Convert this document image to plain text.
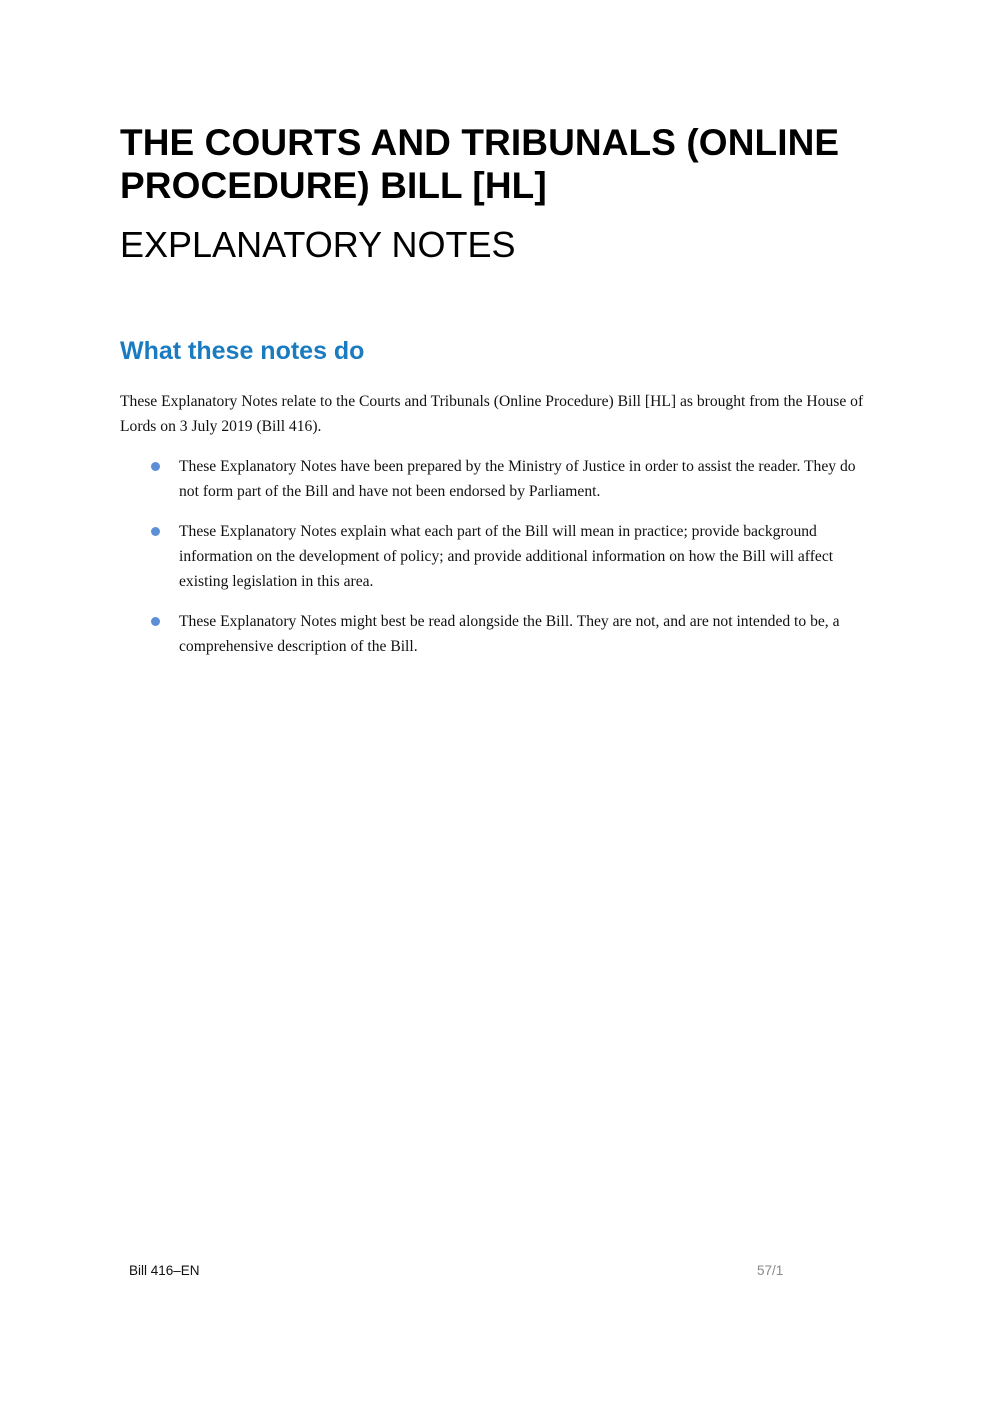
THE COURTS AND TRIBUNALS (ONLINE PROCEDURE) BILL [HL]
EXPLANATORY NOTES
What these notes do

These Explanatory Notes relate to the Courts and Tribunals (Online Procedure) Bill [HL] as brought from the House of Lords on 3 July 2019 (Bill 416).

These Explanatory Notes have been prepared by the Ministry of Justice in order to assist the reader. They do not form part of the Bill and have not been endorsed by Parliament.
These Explanatory Notes explain what each part of the Bill will mean in practice; provide background information on the development of policy; and provide additional information on how the Bill will affect existing legislation in this area.
These Explanatory Notes might best be read alongside the Bill. They are not, and are not intended to be, a comprehensive description of the Bill.
Bill 416–EN	57/1
